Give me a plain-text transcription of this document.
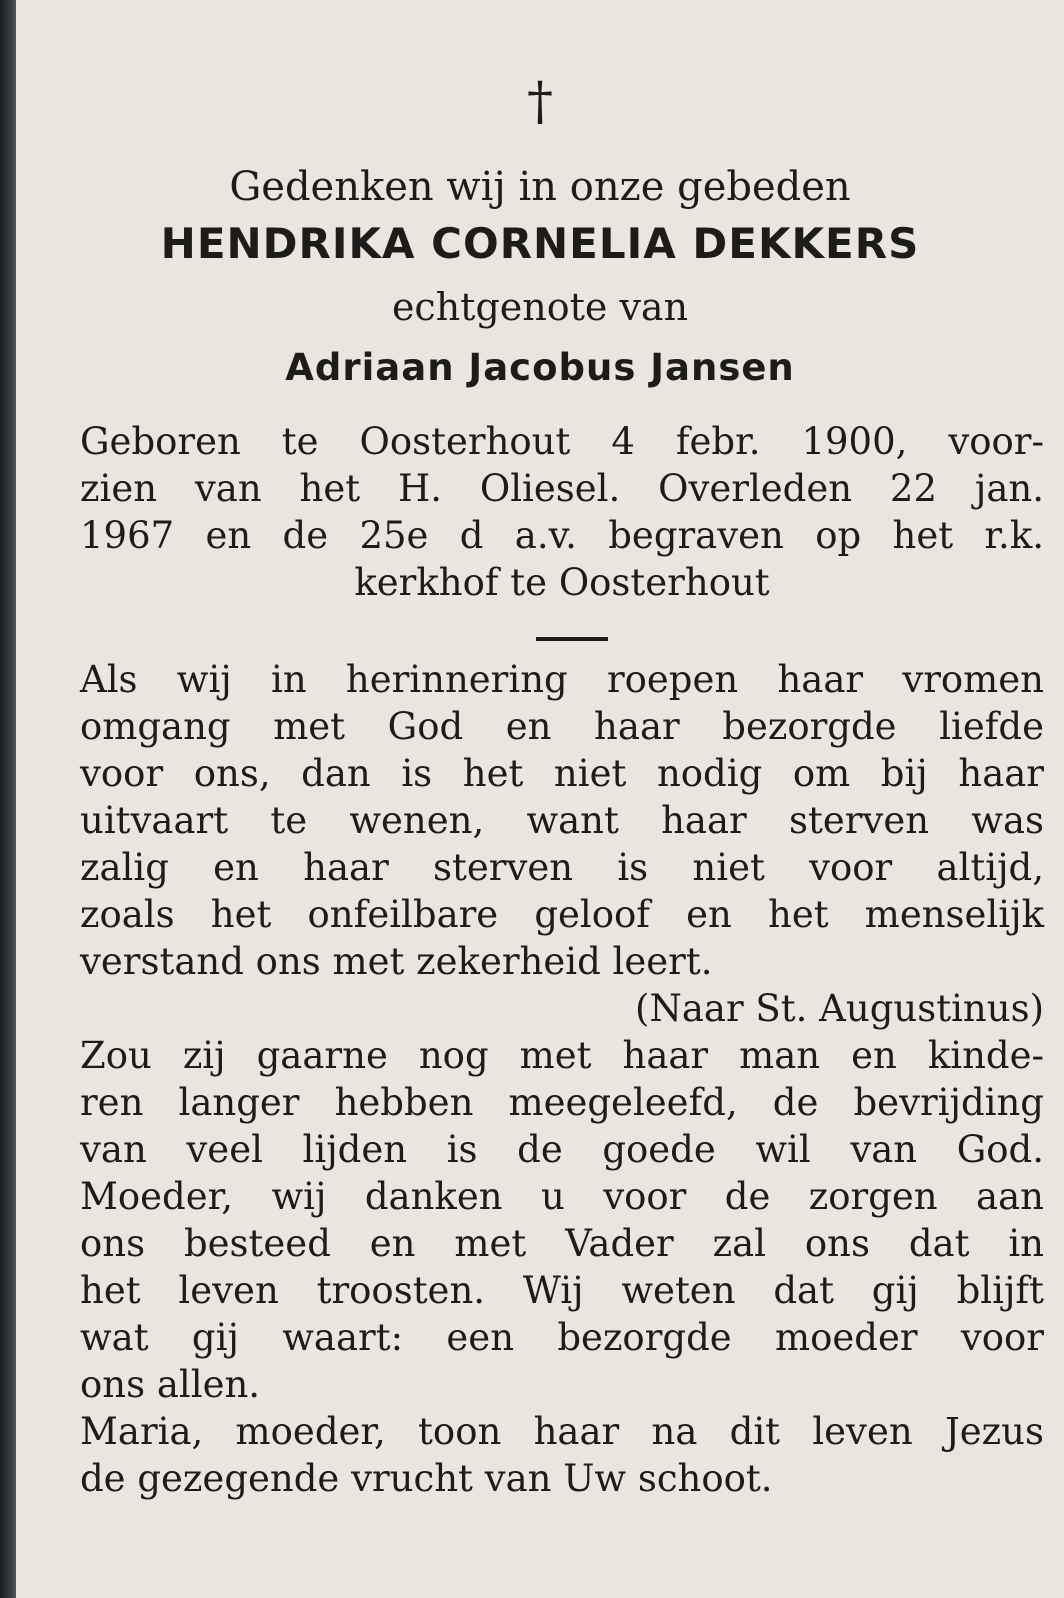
†
Gedenken wij in onze gebeden
HENDRIKA CORNELIA DEKKERS
echtgenote van
Adriaan Jacobus Jansen
Geboren te Oosterhout 4 febr. 1900, voor-
zien van het H. Oliesel. Overleden 22 jan.
1967 en de 25e d a.v. begraven op het r.k.
kerkhof te Oosterhout
Als wij in herinnering roepen haar vromen
omgang met God en haar bezorgde liefde
voor ons, dan is het niet nodig om bij haar
uitvaart te wenen, want haar sterven was
zalig en haar sterven is niet voor altijd,
zoals het onfeilbare geloof en het menselijk
verstand ons met zekerheid leert.
(Naar St. Augustinus)
Zou zij gaarne nog met haar man en kinde-
ren langer hebben meegeleefd, de bevrijding
van veel lijden is de goede wil van God.
Moeder, wij danken u voor de zorgen aan
ons besteed en met Vader zal ons dat in
het leven troosten. Wij weten dat gij blijft
wat gij waart: een bezorgde moeder voor
ons allen.
Maria, moeder, toon haar na dit leven Jezus
de gezegende vrucht van Uw schoot.
